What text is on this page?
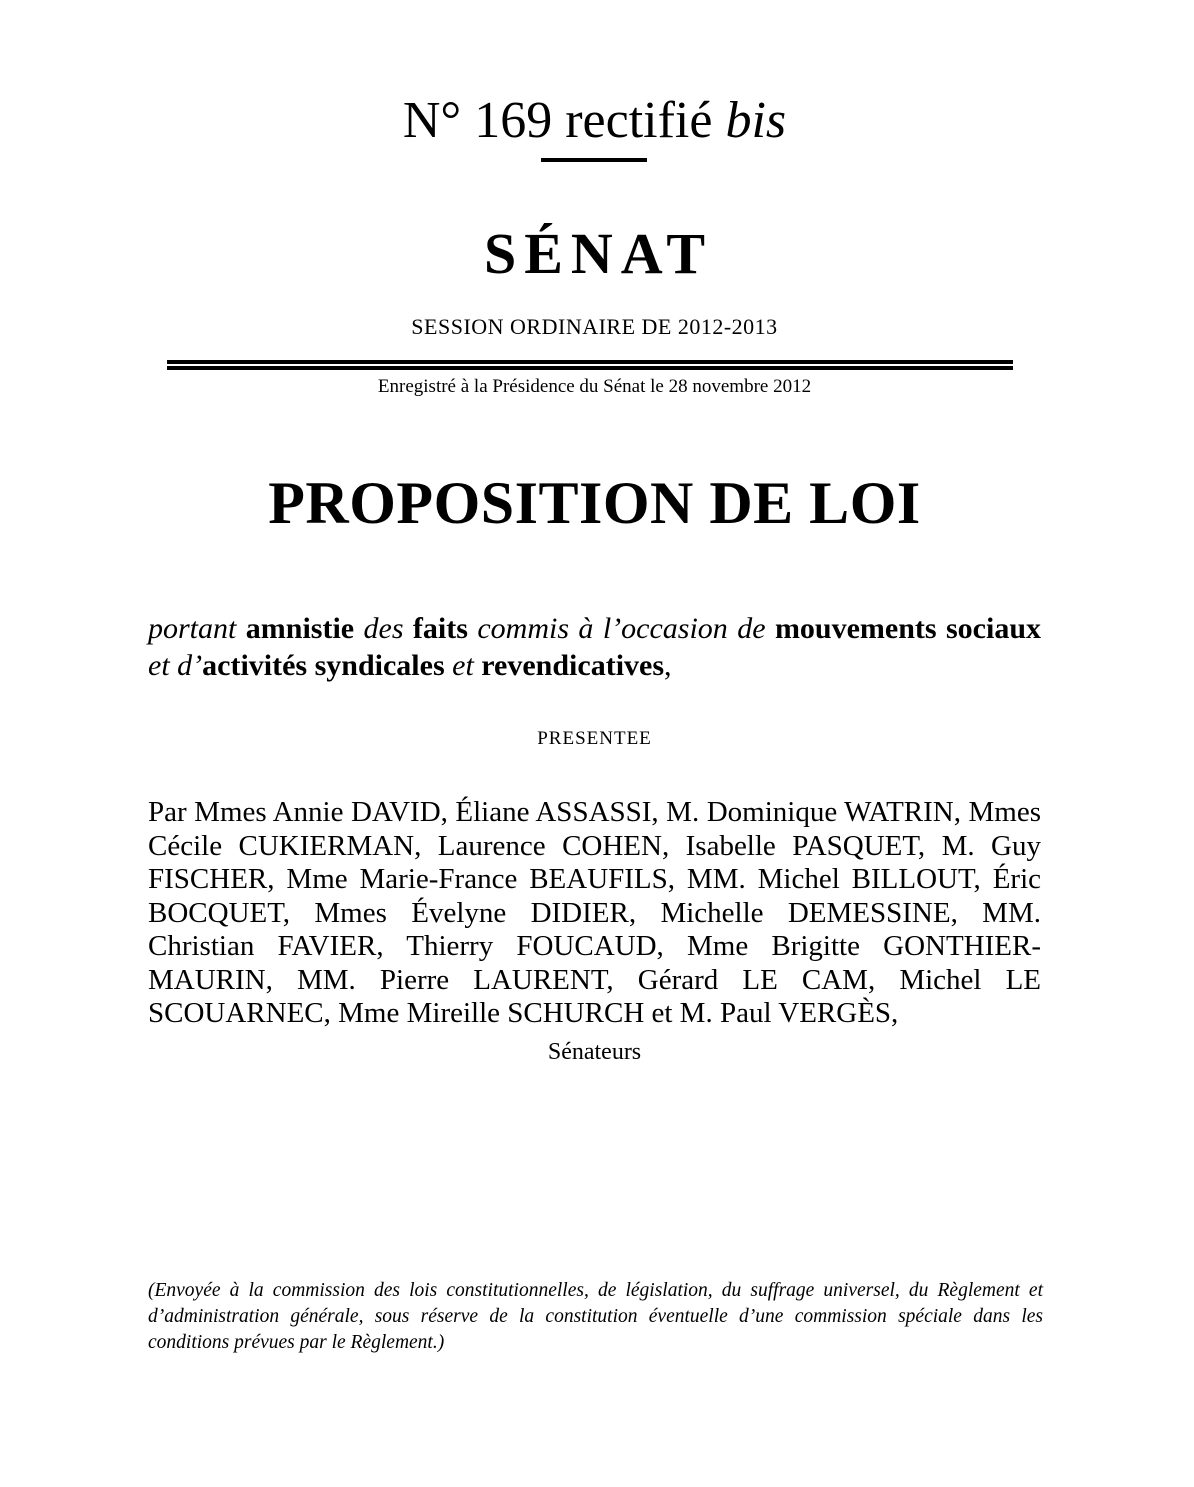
N° 169 rectifié bis
SÉNAT
SESSION ORDINAIRE DE 2012-2013
Enregistré à la Présidence du Sénat le 28 novembre 2012
PROPOSITION DE LOI
portant amnistie des faits commis à l’occasion de mouvements sociaux et d’activités syndicales et revendicatives,
PRESENTEE
Par Mmes Annie DAVID, Éliane ASSASSI, M. Dominique WATRIN, Mmes Cécile CUKIERMAN, Laurence COHEN, Isabelle PASQUET, M. Guy FISCHER, Mme Marie-France BEAUFILS, MM. Michel BILLOUT, Éric BOCQUET, Mmes Évelyne DIDIER, Michelle DEMESSINE, MM. Christian FAVIER, Thierry FOUCAUD, Mme Brigitte GONTHIER-MAURIN, MM. Pierre LAURENT, Gérard LE CAM, Michel LE SCOUARNEC, Mme Mireille SCHURCH et M. Paul VERGÈS,
Sénateurs
(Envoyée à la commission des lois constitutionnelles, de législation, du suffrage universel, du Règlement et d’administration générale, sous réserve de la constitution éventuelle d’une commission spéciale dans les conditions prévues par le Règlement.)
